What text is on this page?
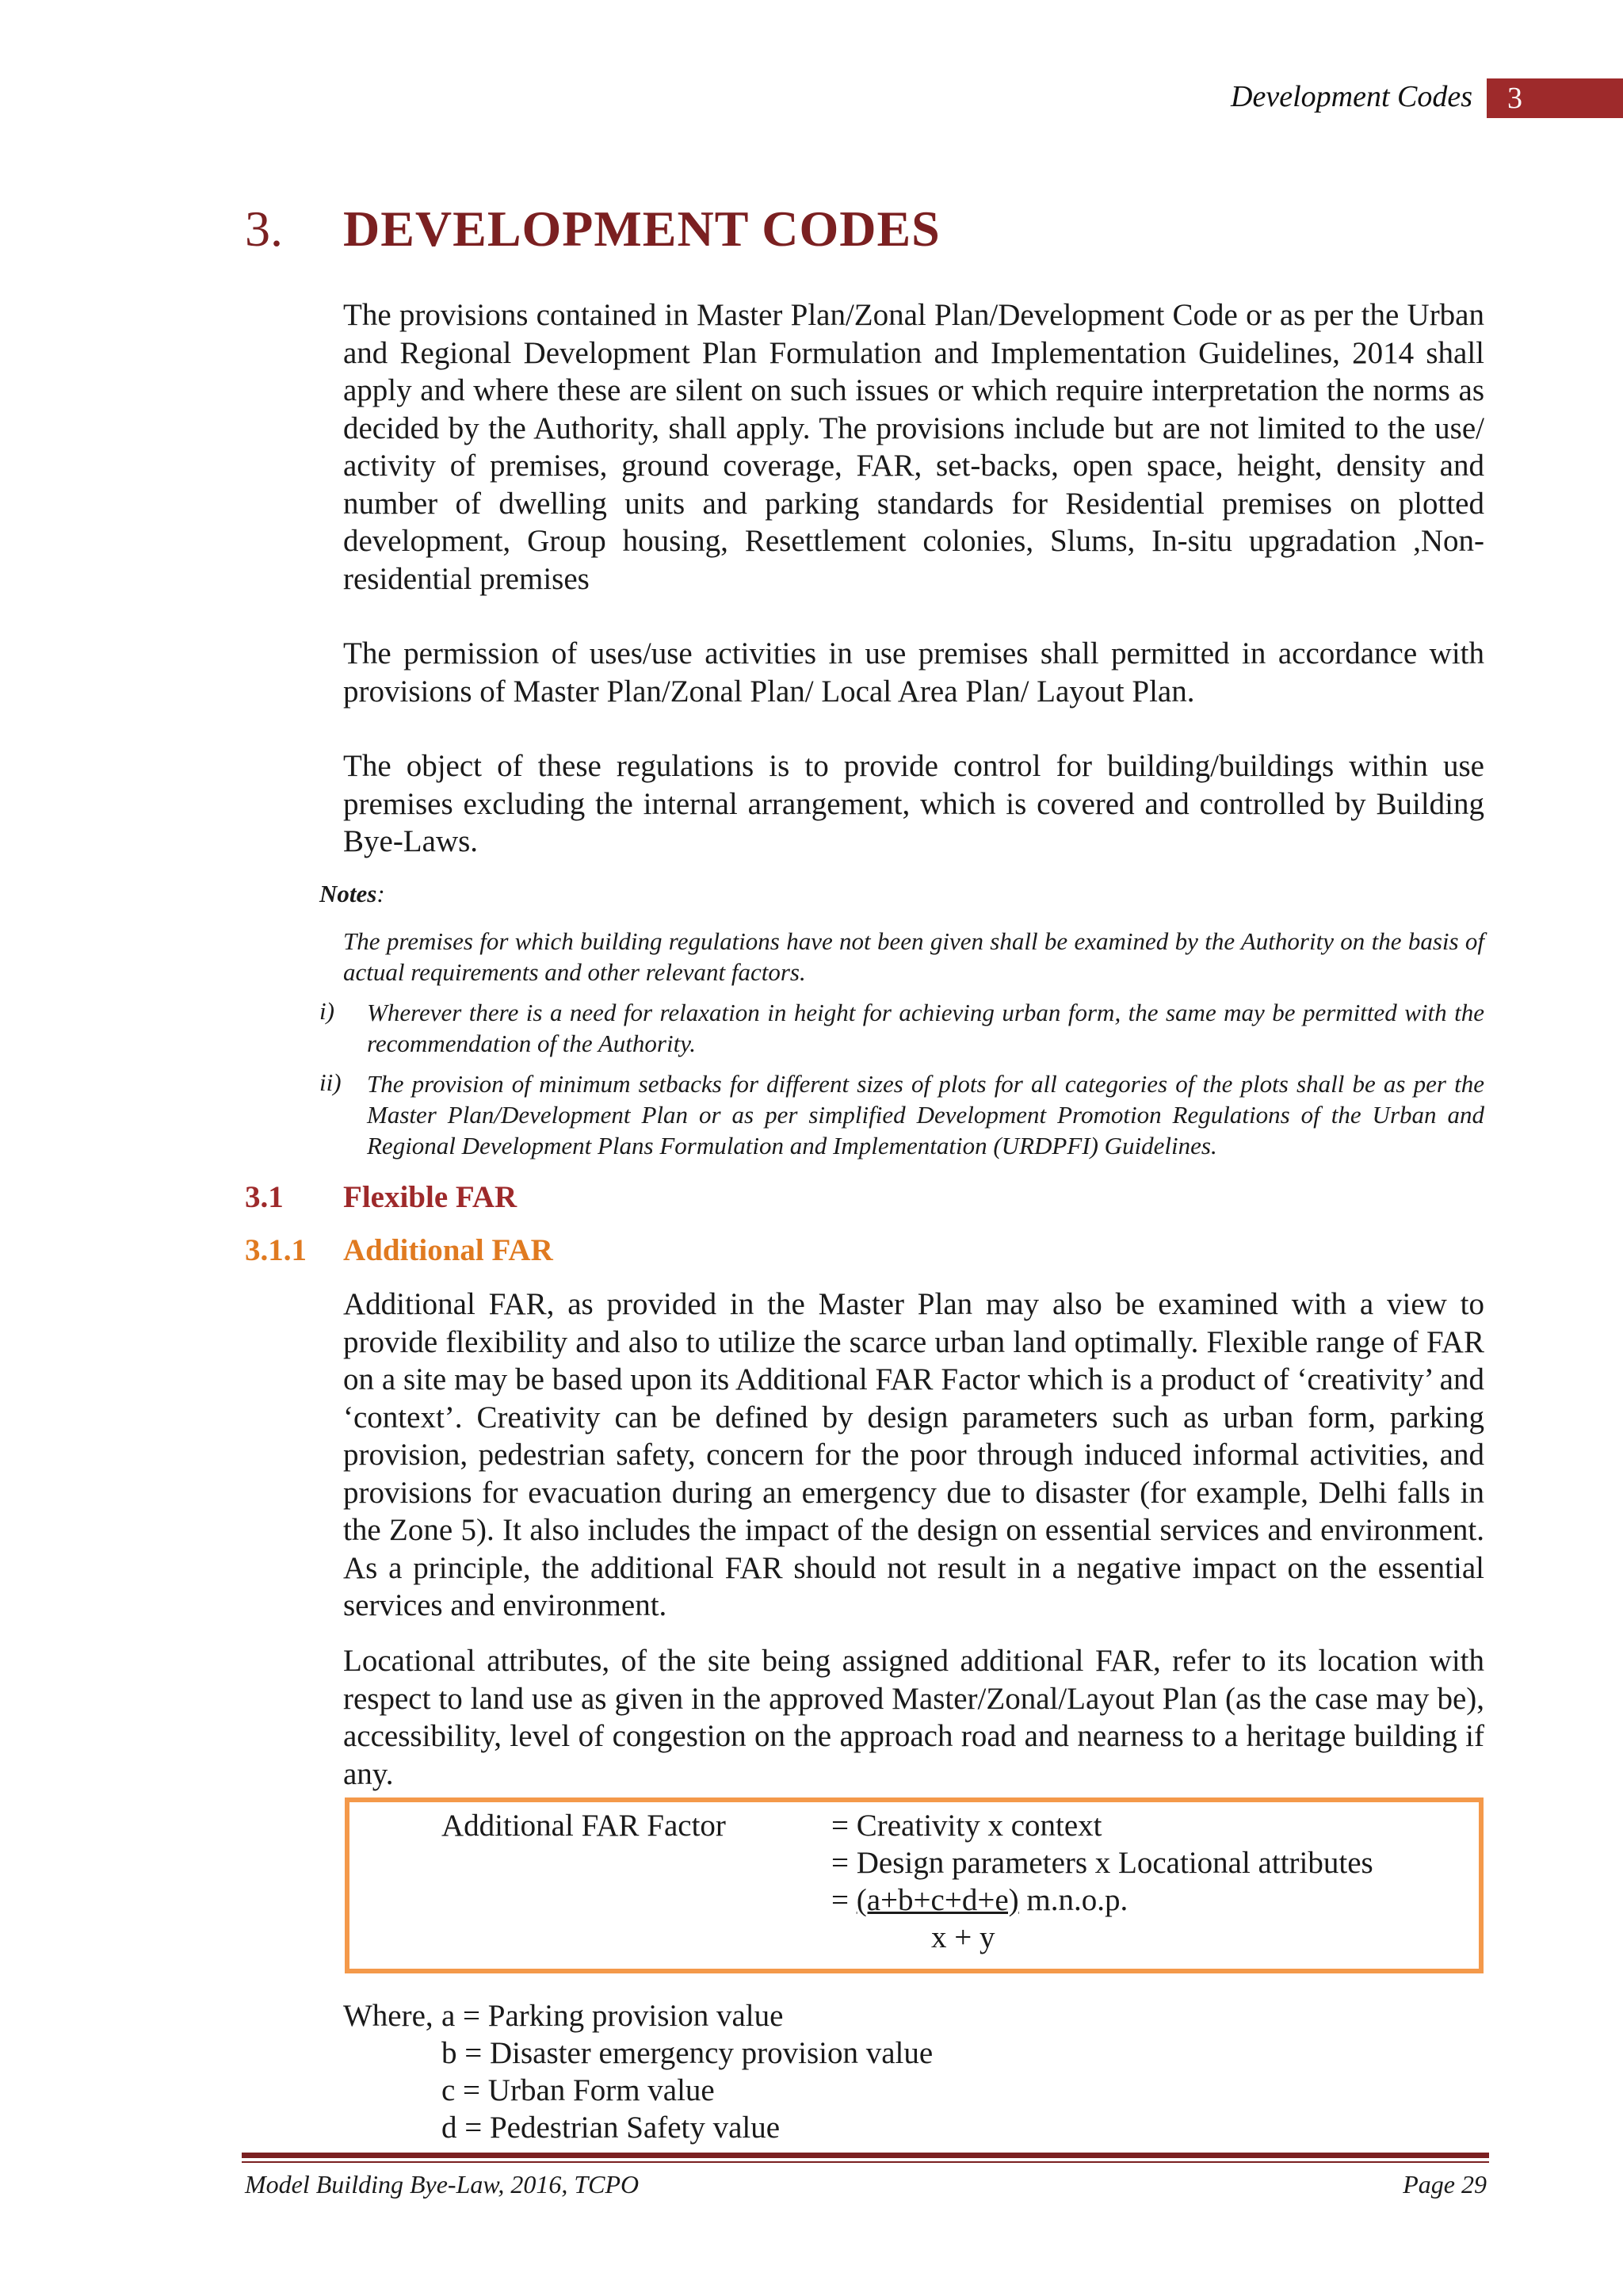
Development Codes	3
3. DEVELOPMENT CODES

The provisions contained in Master Plan/Zonal Plan/Development Code or as per the Urban and Regional Development Plan Formulation and Implementation Guidelines, 2014 shall apply and where these are silent on such issues or which require interpretation the norms as decided by the Authority, shall apply. The provisions include but are not limited to the use/ activity of premises, ground coverage, FAR, set-backs, open space, height, density and number of dwelling units and parking standards for Residential premises on plotted development, Group housing, Resettlement colonies, Slums, In-situ upgradation ,Non-residential premises

The permission of uses/use activities in use premises shall permitted in accordance with provisions of Master Plan/Zonal Plan/ Local Area Plan/ Layout Plan.

The object of these regulations is to provide control for building/buildings within use premises excluding the internal arrangement, which is covered and controlled by Building Bye-Laws.

Notes:
The premises for which building regulations have not been given shall be examined by the Authority on the basis of actual requirements and other relevant factors.
i) Wherever there is a need for relaxation in height for achieving urban form, the same may be permitted with the recommendation of the Authority.
ii) The provision of minimum setbacks for different sizes of plots for all categories of the plots shall be as per the Master Plan/Development Plan or as per simplified Development Promotion Regulations of the Urban and Regional Development Plans Formulation and Implementation (URDPFI) Guidelines.
3.1 Flexible FAR
3.1.1 Additional FAR

Additional FAR, as provided in the Master Plan may also be examined with a view to provide flexibility and also to utilize the scarce urban land optimally. Flexible range of FAR on a site may be based upon its Additional FAR Factor which is a product of ‘creativity’ and ‘context’. Creativity can be defined by design parameters such as urban form, parking provision, pedestrian safety, concern for the poor through induced informal activities, and provisions for evacuation during an emergency due to disaster (for example, Delhi falls in the Zone 5). It also includes the impact of the design on essential services and environment. As a principle, the additional FAR should not result in a negative impact on the essential services and environment.

Locational attributes, of the site being assigned additional FAR, refer to its location with respect to land use as given in the approved Master/Zonal/Layout Plan (as the case may be), accessibility, level of congestion on the approach road and nearness to a heritage building if any.

Additional FAR Factor	= Creativity x context
= Design parameters x Locational attributes
= (a+b+c+d+e) m.n.o.p.
x + y
Where, a = Parking provision value
b = Disaster emergency provision value
c = Urban Form value
d = Pedestrian Safety value
Model Building Bye-Law, 2016, TCPO	Page 29
